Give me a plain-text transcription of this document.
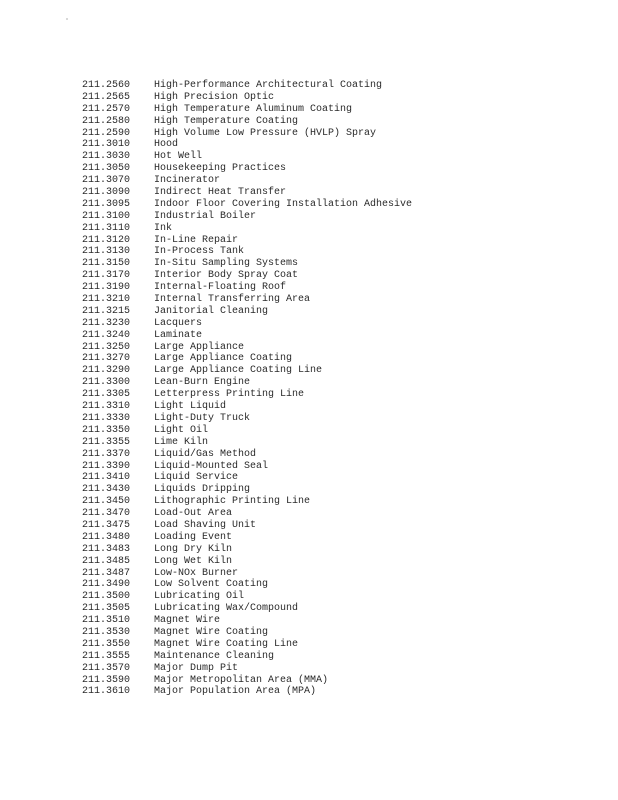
211.2560	High-Performance Architectural Coating
211.2565	High Precision Optic
211.2570	High Temperature Aluminum Coating
211.2580	High Temperature Coating
211.2590	High Volume Low Pressure (HVLP) Spray
211.3010	Hood
211.3030	Hot Well
211.3050	Housekeeping Practices
211.3070	Incinerator
211.3090	Indirect Heat Transfer
211.3095	Indoor Floor Covering Installation Adhesive
211.3100	Industrial Boiler
211.3110	Ink
211.3120	In-Line Repair
211.3130	In-Process Tank
211.3150	In-Situ Sampling Systems
211.3170	Interior Body Spray Coat
211.3190	Internal-Floating Roof
211.3210	Internal Transferring Area
211.3215	Janitorial Cleaning
211.3230	Lacquers
211.3240	Laminate
211.3250	Large Appliance
211.3270	Large Appliance Coating
211.3290	Large Appliance Coating Line
211.3300	Lean-Burn Engine
211.3305	Letterpress Printing Line
211.3310	Light Liquid
211.3330	Light-Duty Truck
211.3350	Light Oil
211.3355	Lime Kiln
211.3370	Liquid/Gas Method
211.3390	Liquid-Mounted Seal
211.3410	Liquid Service
211.3430	Liquids Dripping
211.3450	Lithographic Printing Line
211.3470	Load-Out Area
211.3475	Load Shaving Unit
211.3480	Loading Event
211.3483	Long Dry Kiln
211.3485	Long Wet Kiln
211.3487	Low-NOx Burner
211.3490	Low Solvent Coating
211.3500	Lubricating Oil
211.3505	Lubricating Wax/Compound
211.3510	Magnet Wire
211.3530	Magnet Wire Coating
211.3550	Magnet Wire Coating Line
211.3555	Maintenance Cleaning
211.3570	Major Dump Pit
211.3590	Major Metropolitan Area (MMA)
211.3610	Major Population Area (MPA)
